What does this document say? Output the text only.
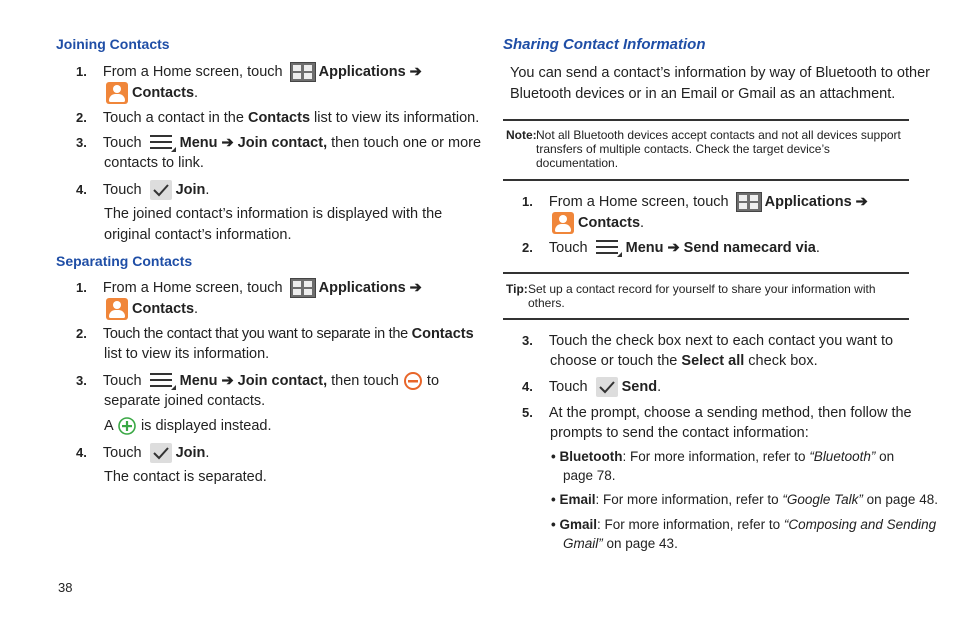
Joining Contacts
1. From a Home screen, touch Applications ➔
Contacts.
2. Touch a contact in the Contacts list to view its information.
3. Touch	Menu ➔ Join contact, then touch one or more
contacts to link.
4. Touch Join.
The joined contact’s information is displayed with the
original contact’s information.
Separating Contacts
1. From a Home screen, touch Applications ➔
Contacts.
2. Touch the contact that you want to separate in the Contacts
list to view its information.
3. Touch	Menu ➔ Join contact, then touch  to
separate joined contacts.
A is displayed instead.
4. Touch Join.
The contact is separated.
38
Sharing Contact Information
You can send a contact’s information by way of Bluetooth to other
Bluetooth devices or in an Email or Gmail as an attachment.
Note: Not all Bluetooth devices accept contacts and not all devices support
transfers of multiple contacts. Check the target device’s
documentation.
1. From a Home screen, touch Applications ➔
Contacts.
2. Touch	Menu ➔ Send namecard via.
Tip: Set up a contact record for yourself to share your information with
others.
3. Touch the check box next to each contact you want to
choose or touch the Select all check box.
4. Touch Send.
5. At the prompt, choose a sending method, then follow the
prompts to send the contact information:
• Bluetooth: For more information, refer to “Bluetooth” on
page 78.
• Email: For more information, refer to “Google Talk” on page 48.
• Gmail: For more information, refer to “Composing and Sending
Gmail” on page 43.
